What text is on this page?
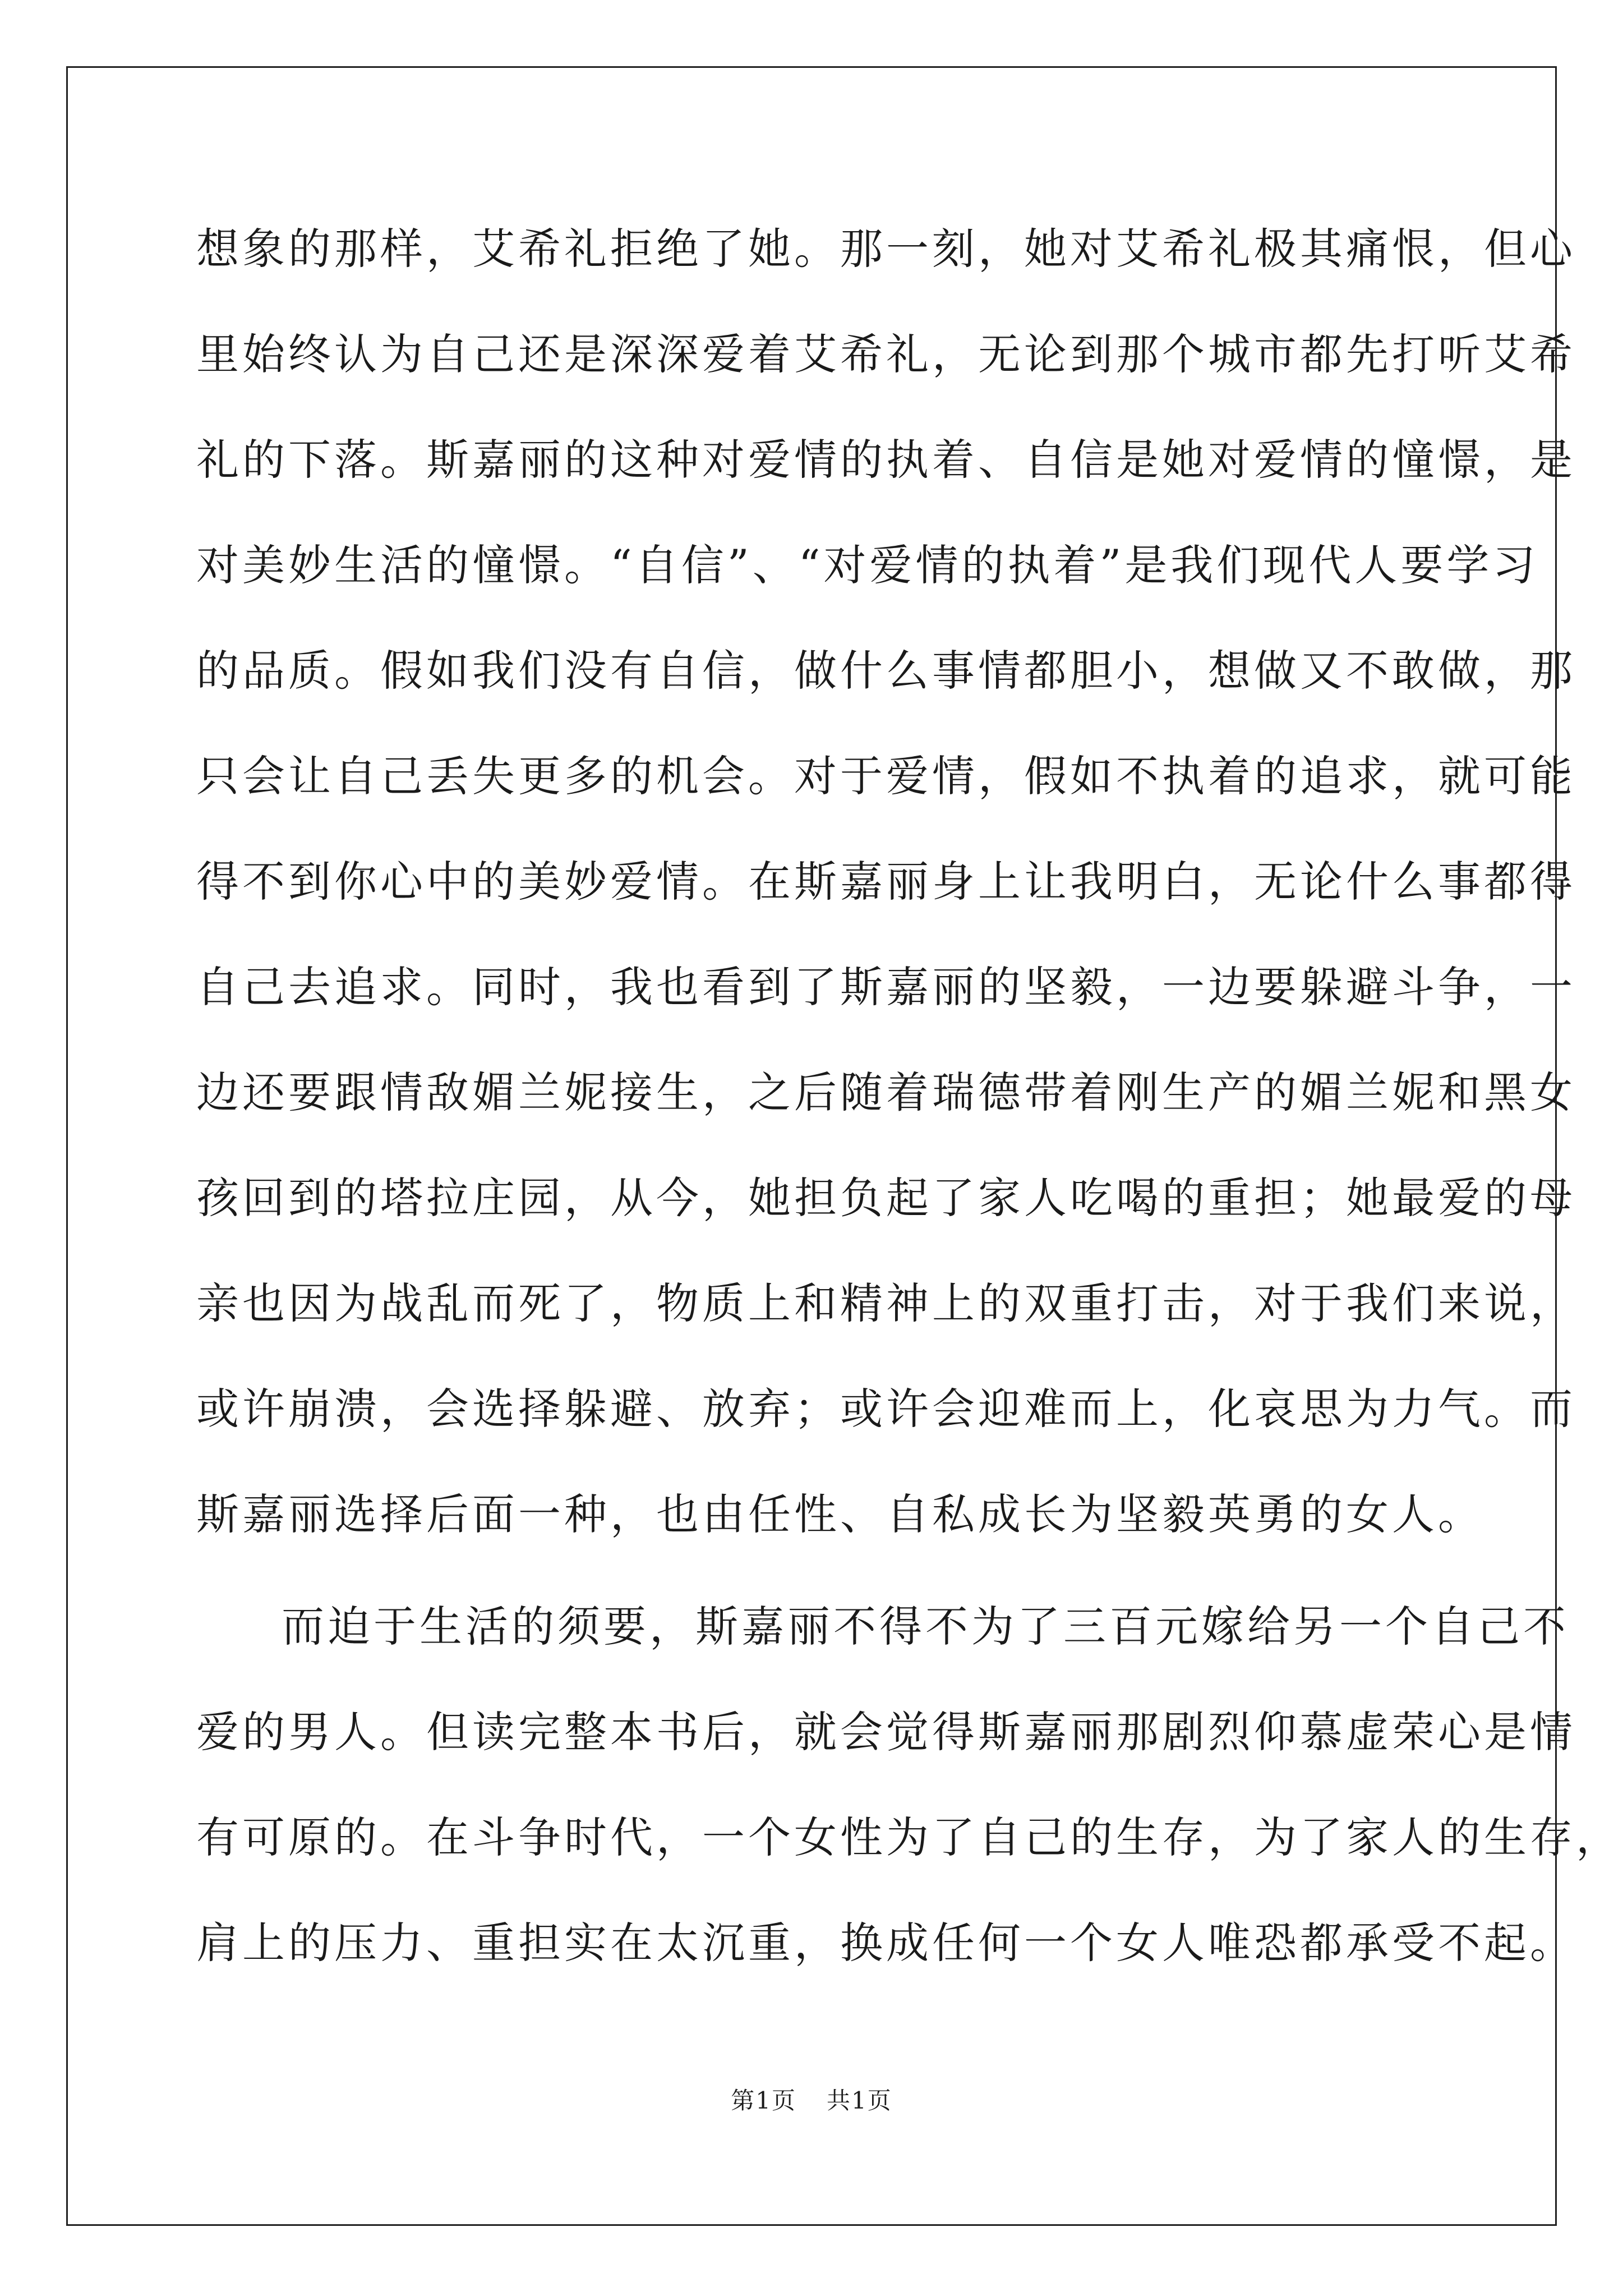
想象的那样，艾希礼拒绝了她。那一刻，她对艾希礼极其痛恨，但心
里始终认为自己还是深深爱着艾希礼，无论到那个城市都先打听艾希
礼的下落。斯嘉丽的这种对爱情的执着、自信是她对爱情的憧憬，是
对美妙生活的憧憬。“自信”、“对爱情的执着”是我们现代人要学习
的品质。假如我们没有自信，做什么事情都胆小，想做又不敢做，那
只会让自己丢失更多的机会。对于爱情，假如不执着的追求，就可能
得不到你心中的美妙爱情。在斯嘉丽身上让我明白，无论什么事都得
自己去追求。同时，我也看到了斯嘉丽的坚毅，一边要躲避斗争，一
边还要跟情敌媚兰妮接生，之后随着瑞德带着刚生产的媚兰妮和黑女
孩回到的塔拉庄园，从今，她担负起了家人吃喝的重担；她最爱的母
亲也因为战乱而死了，物质上和精神上的双重打击，对于我们来说，
或许崩溃，会选择躲避、放弃；或许会迎难而上，化哀思为力气。而
斯嘉丽选择后面一种，也由任性、自私成长为坚毅英勇的女人。
而迫于生活的须要，斯嘉丽不得不为了三百元嫁给另一个自己不
爱的男人。但读完整本书后，就会觉得斯嘉丽那剧烈仰慕虚荣心是情
有可原的。在斗争时代，一个女性为了自己的生存，为了家人的生存，
肩上的压力、重担实在太沉重，换成任何一个女人唯恐都承受不起。
第1页 共1页
